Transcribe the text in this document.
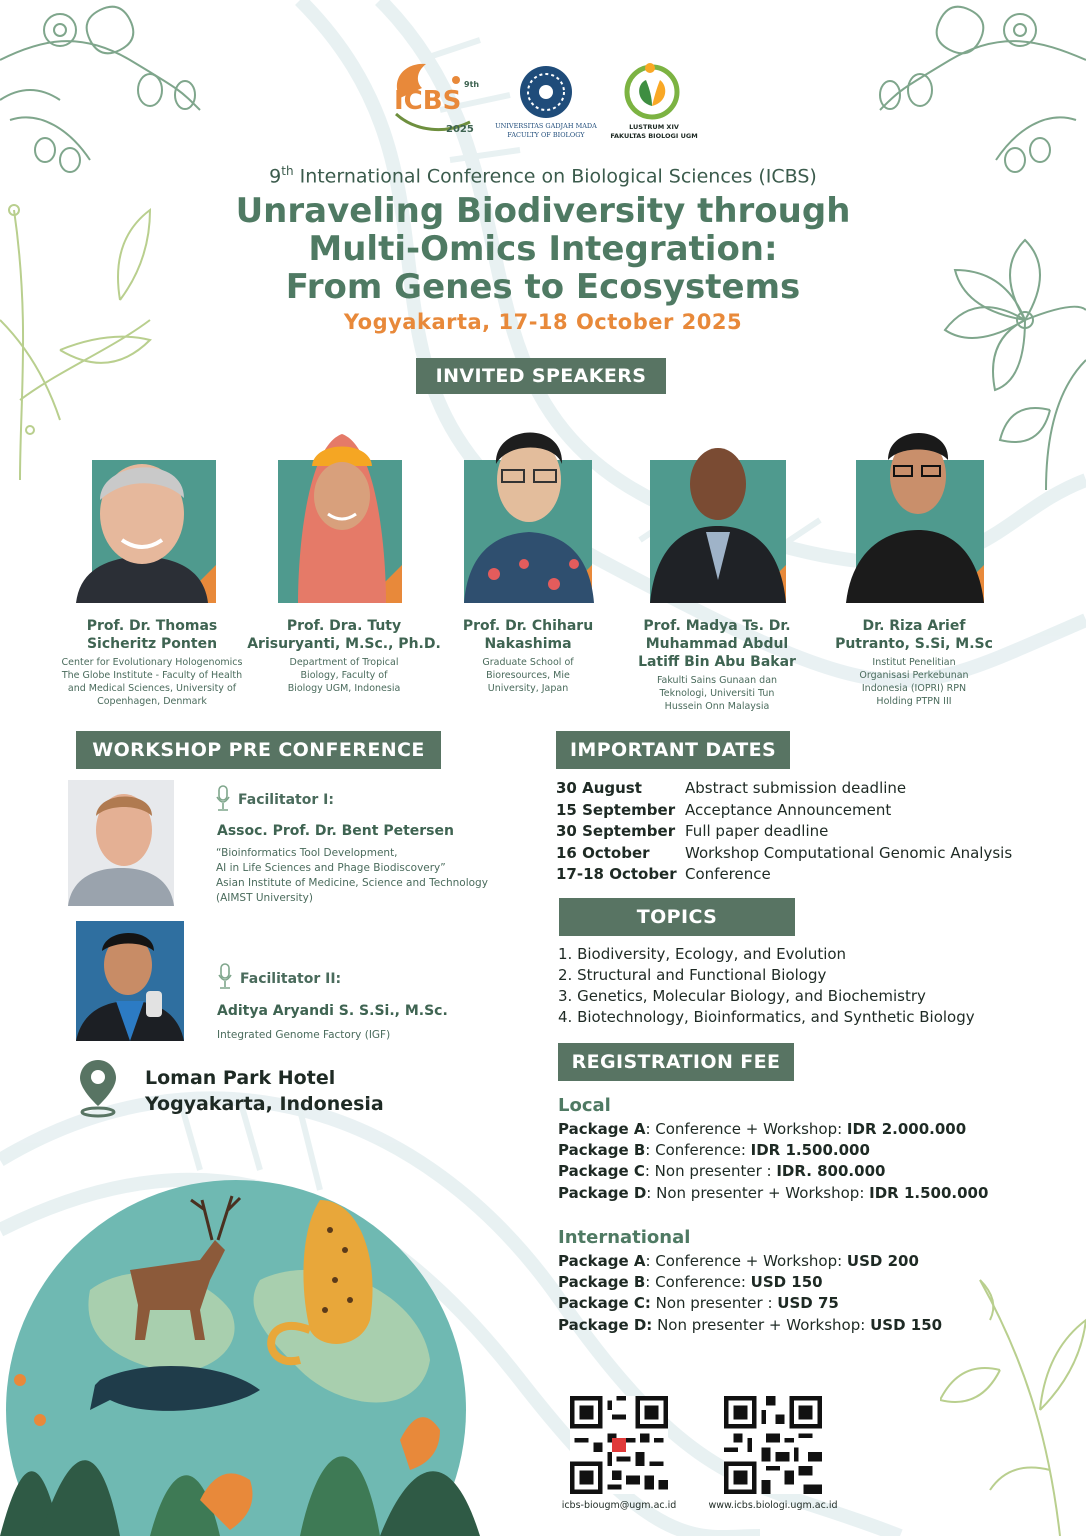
ICBS
9th
2025	UNIVERSITAS GADJAH MADA
FACULTY OF BIOLOGY
LUSTRUM XIV
FAKULTAS BIOLOGI UGM
9th International Conference on Biological Sciences (ICBS)
Unraveling Biodiversity through
Multi-Omics Integration:
From Genes to Ecosystems
Yogyakarta, 17-18 October 2025
INVITED SPEAKERS
Prof. Dr. Thomas
Sicheritz Ponten
Center for Evolutionary Hologenomics
The Globe Institute - Faculty of Health
and Medical Sciences, University of
Copenhagen, Denmark
Prof. Dra. Tuty
Arisuryanti, M.Sc., Ph.D.
Department of Tropical
Biology, Faculty of
Biology UGM, Indonesia
Prof. Dr. Chiharu
Nakashima
Graduate School of
Bioresources, Mie
University, Japan
Prof. Madya Ts. Dr.
Muhammad Abdul
Latiff Bin Abu Bakar
Fakulti Sains Gunaan dan
Teknologi, Universiti Tun
Hussein Onn Malaysia
Dr. Riza Arief
Putranto, S.Si, M.Sc
Institut Penelitian
Organisasi Perkebunan
Indonesia (IOPRI) RPN
Holding PTPN III
WORKSHOP PRE CONFERENCE
Facilitator I:
Assoc. Prof. Dr. Bent Petersen
“Bioinformatics Tool Development,
AI in Life Sciences and Phage Biodiscovery”
Asian Institute of Medicine, Science and Technology
(AIMST University)
Facilitator II:
Aditya Aryandi S. S.Si., M.Sc.
Integrated Genome Factory (IGF)
Loman Park Hotel
Yogyakarta, Indonesia
IMPORTANT DATES
30 August	Abstract submission deadline
15 September Acceptance Announcement
30 September Full paper deadline
16 October	Workshop Computational Genomic Analysis
17-18 October Conference
TOPICS
1. Biodiversity, Ecology, and Evolution
2. Structural and Functional Biology
3. Genetics, Molecular Biology, and Biochemistry
4. Biotechnology, Bioinformatics, and Synthetic Biology
REGISTRATION FEE
Local
Package A: Conference + Workshop: IDR 2.000.000
Package B: Conference: IDR 1.500.000
Package C: Non presenter : IDR. 800.000
Package D: Non presenter + Workshop: IDR 1.500.000
International
Package A: Conference + Workshop: USD 200
Package B: Conference: USD 150
Package C: Non presenter : USD 75
Package D: Non presenter + Workshop: USD 150
icbs-biougm@ugm.ac.id	www.icbs.biologi.ugm.ac.id
